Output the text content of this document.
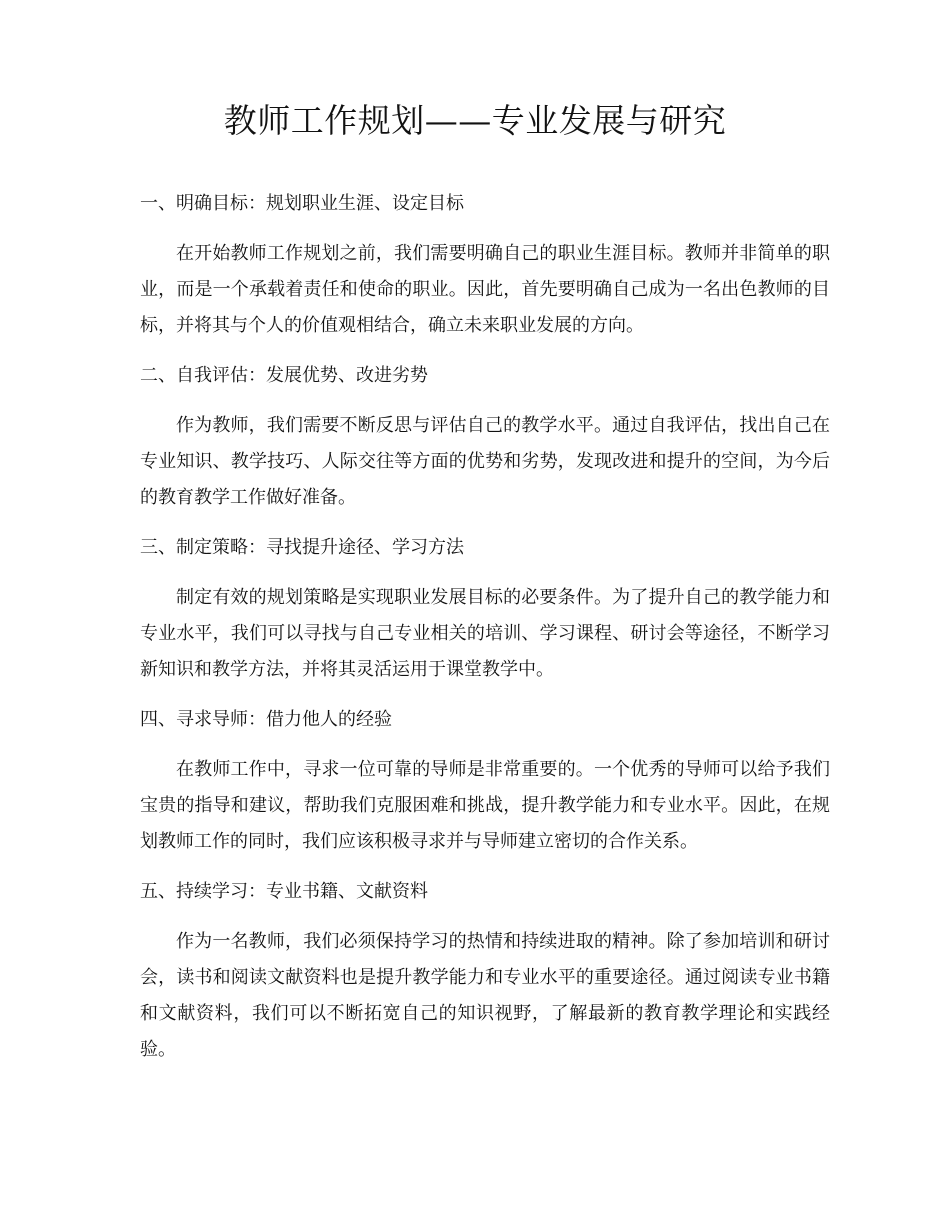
教师工作规划——专业发展与研究
一、明确目标：规划职业生涯、设定目标

在开始教师工作规划之前，我们需要明确自己的职业生涯目标。教师并非简单的职业，而是一个承载着责任和使命的职业。因此，首先要明确自己成为一名出色教师的目标，并将其与个人的价值观相结合，确立未来职业发展的方向。

二、自我评估：发展优势、改进劣势

作为教师，我们需要不断反思与评估自己的教学水平。通过自我评估，找出自己在专业知识、教学技巧、人际交往等方面的优势和劣势，发现改进和提升的空间，为今后的教育教学工作做好准备。

三、制定策略：寻找提升途径、学习方法

制定有效的规划策略是实现职业发展目标的必要条件。为了提升自己的教学能力和专业水平，我们可以寻找与自己专业相关的培训、学习课程、研讨会等途径，不断学习新知识和教学方法，并将其灵活运用于课堂教学中。

四、寻求导师：借力他人的经验

在教师工作中，寻求一位可靠的导师是非常重要的。一个优秀的导师可以给予我们宝贵的指导和建议，帮助我们克服困难和挑战，提升教学能力和专业水平。因此，在规划教师工作的同时，我们应该积极寻求并与导师建立密切的合作关系。

五、持续学习：专业书籍、文献资料

作为一名教师，我们必须保持学习的热情和持续进取的精神。除了参加培训和研讨会，读书和阅读文献资料也是提升教学能力和专业水平的重要途径。通过阅读专业书籍和文献资料，我们可以不断拓宽自己的知识视野，了解最新的教育教学理论和实践经验。
